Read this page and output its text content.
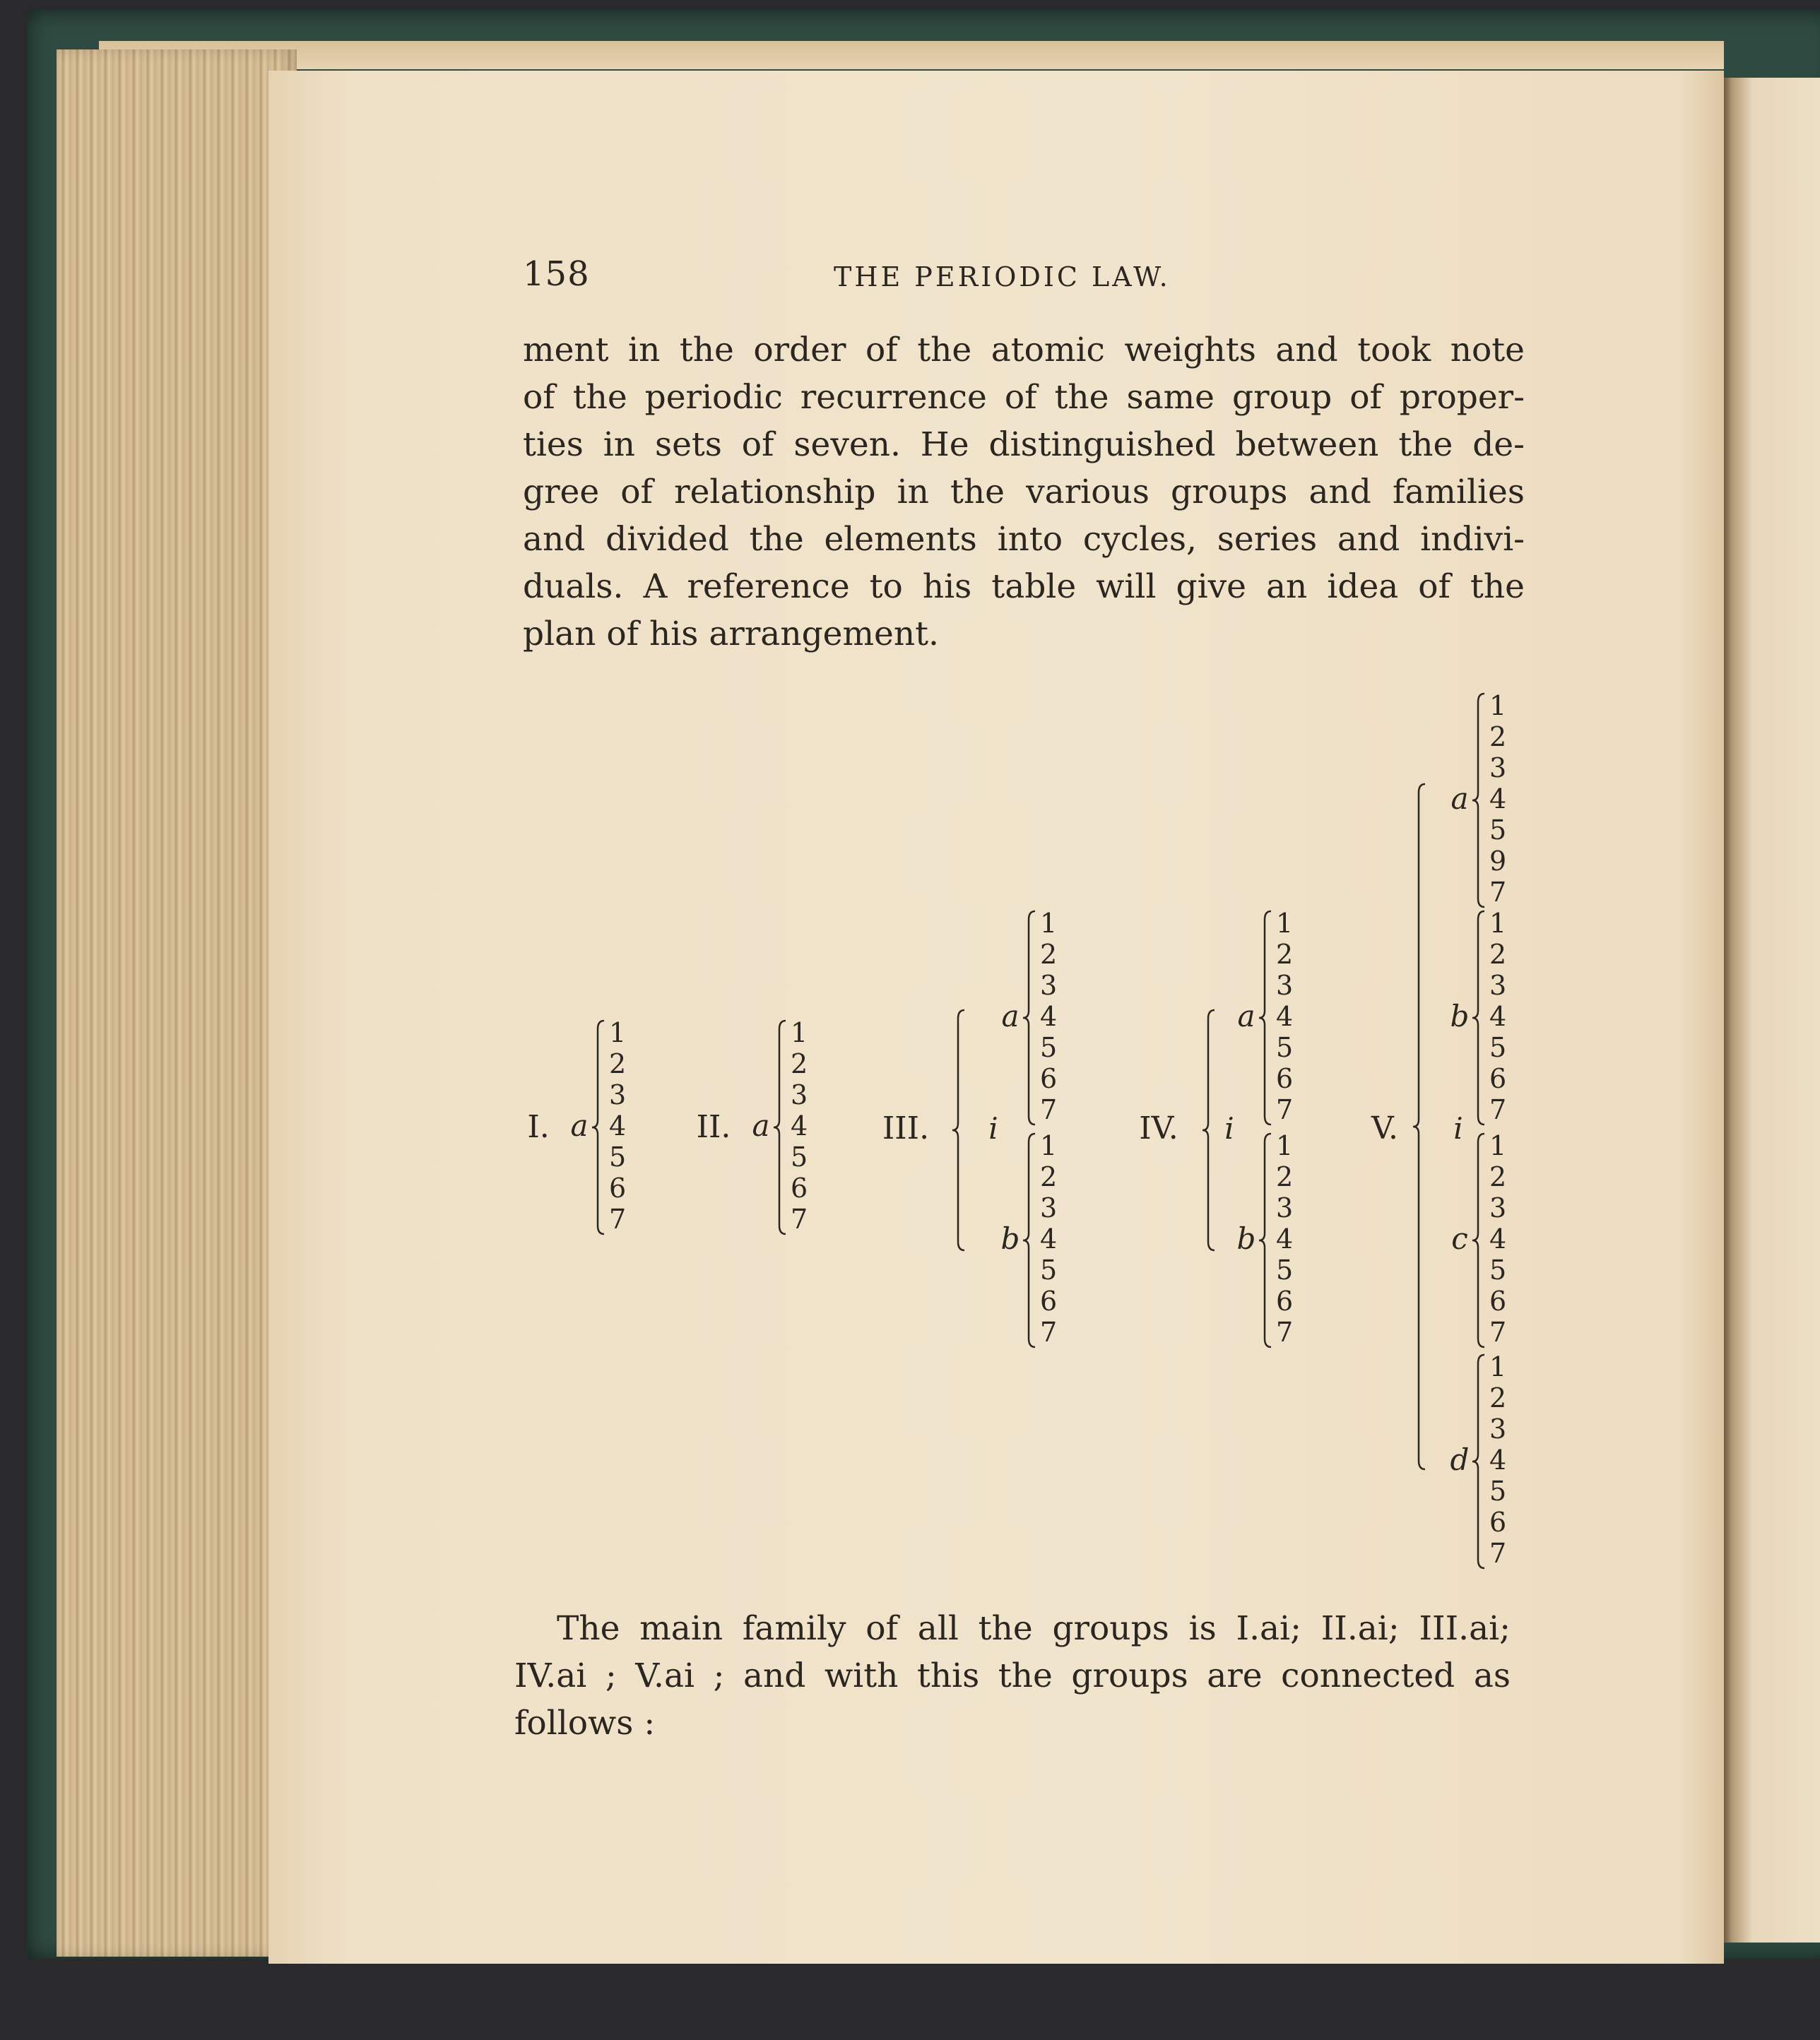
158	THE PERIODIC LAW.
ment in the order of the atomic weights and took note
of the periodic recurrence of the same group of proper-
ties in sets of seven. He distinguished between the de-
gree of relationship in the various groups and families
and divided the elements into cycles, series and indivi-
duals. A reference to his table will give an idea of the
plan of his arrangement.
I.
1
2
3
4
5
6
7
a	II.
1
2
3
4
5
6
7
a	III.
1
2
3
4
5
6
7
a
1
2
3
4
5
6
7
b
i	IV.
1
2
3
4
5
6
7
a
1
2
3
4
5
6
7
b
i	V.
1
2
3
4
5
9
7
a
1
2
3
4
5
6
7
b
i 1
2
3
4
5
6
7
c
1
2
3
4
5
6
7
d
The main family of all the groups is I.ai; II.ai; III.ai;
IV.ai ; V.ai ; and with this the groups are connected as
follows :
